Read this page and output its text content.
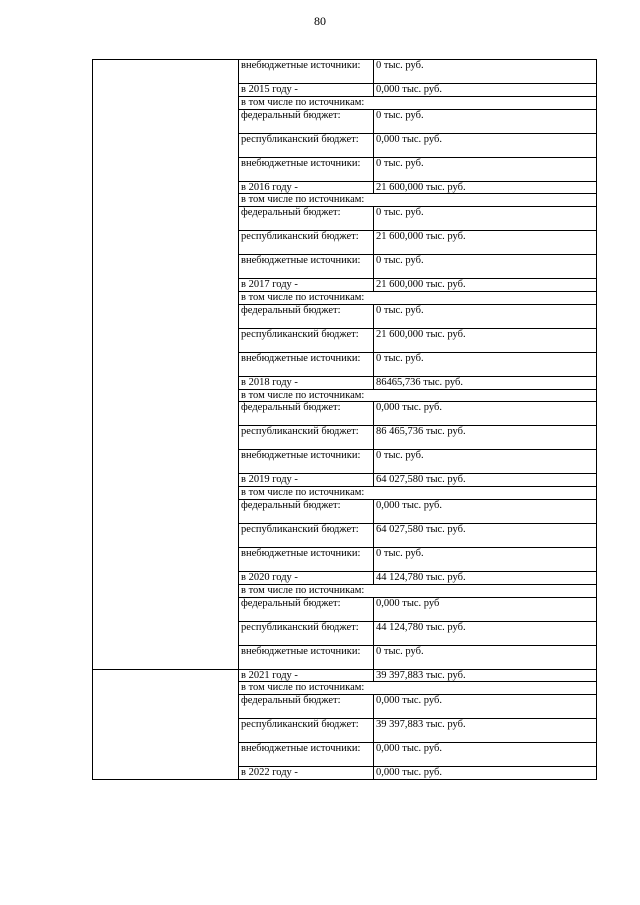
80
	внебюджетные источники:	0 тыс. руб.
	в 2015 году -	0,000 тыс. руб.
	в том числе по источникам:	
	федеральный бюджет:	0 тыс. руб.
	республиканский бюджет:	0,000 тыс. руб.
	внебюджетные источники:	0 тыс. руб.
	в 2016 году -	21 600,000 тыс. руб.
	в том числе по источникам:	
	федеральный бюджет:	0 тыс. руб.
	республиканский бюджет:	21 600,000 тыс. руб.
	внебюджетные источники:	0 тыс. руб.
	в 2017 году -	21 600,000 тыс. руб.
	в том числе по источникам:	
	федеральный бюджет:	0 тыс. руб.
	республиканский бюджет:	21 600,000 тыс. руб.
	внебюджетные источники:	0 тыс. руб.
	в 2018 году -	86465,736 тыс. руб.
	в том числе по источникам:	
	федеральный бюджет:	0,000 тыс. руб.
	республиканский бюджет:	86 465,736 тыс. руб.
	внебюджетные источники:	0 тыс. руб.
	в 2019 году -	64 027,580 тыс. руб.
	в том числе по источникам:	
	федеральный бюджет:	0,000 тыс. руб.
	республиканский бюджет:	64 027,580 тыс. руб.
	внебюджетные источники:	0 тыс. руб.
	в 2020 году -	44 124,780 тыс. руб.
	в том числе по источникам:	
	федеральный бюджет:	0,000 тыс. руб
	республиканский бюджет:	44 124,780 тыс. руб.
	внебюджетные источники:	0 тыс. руб.
	в 2021 году -	39 397,883 тыс. руб.
	в том числе по источникам:	
	федеральный бюджет:	0,000 тыс. руб.
	республиканский бюджет:	39 397,883 тыс. руб.
	внебюджетные источники:	0,000 тыс. руб.
	в 2022 году -	0,000 тыс. руб.
